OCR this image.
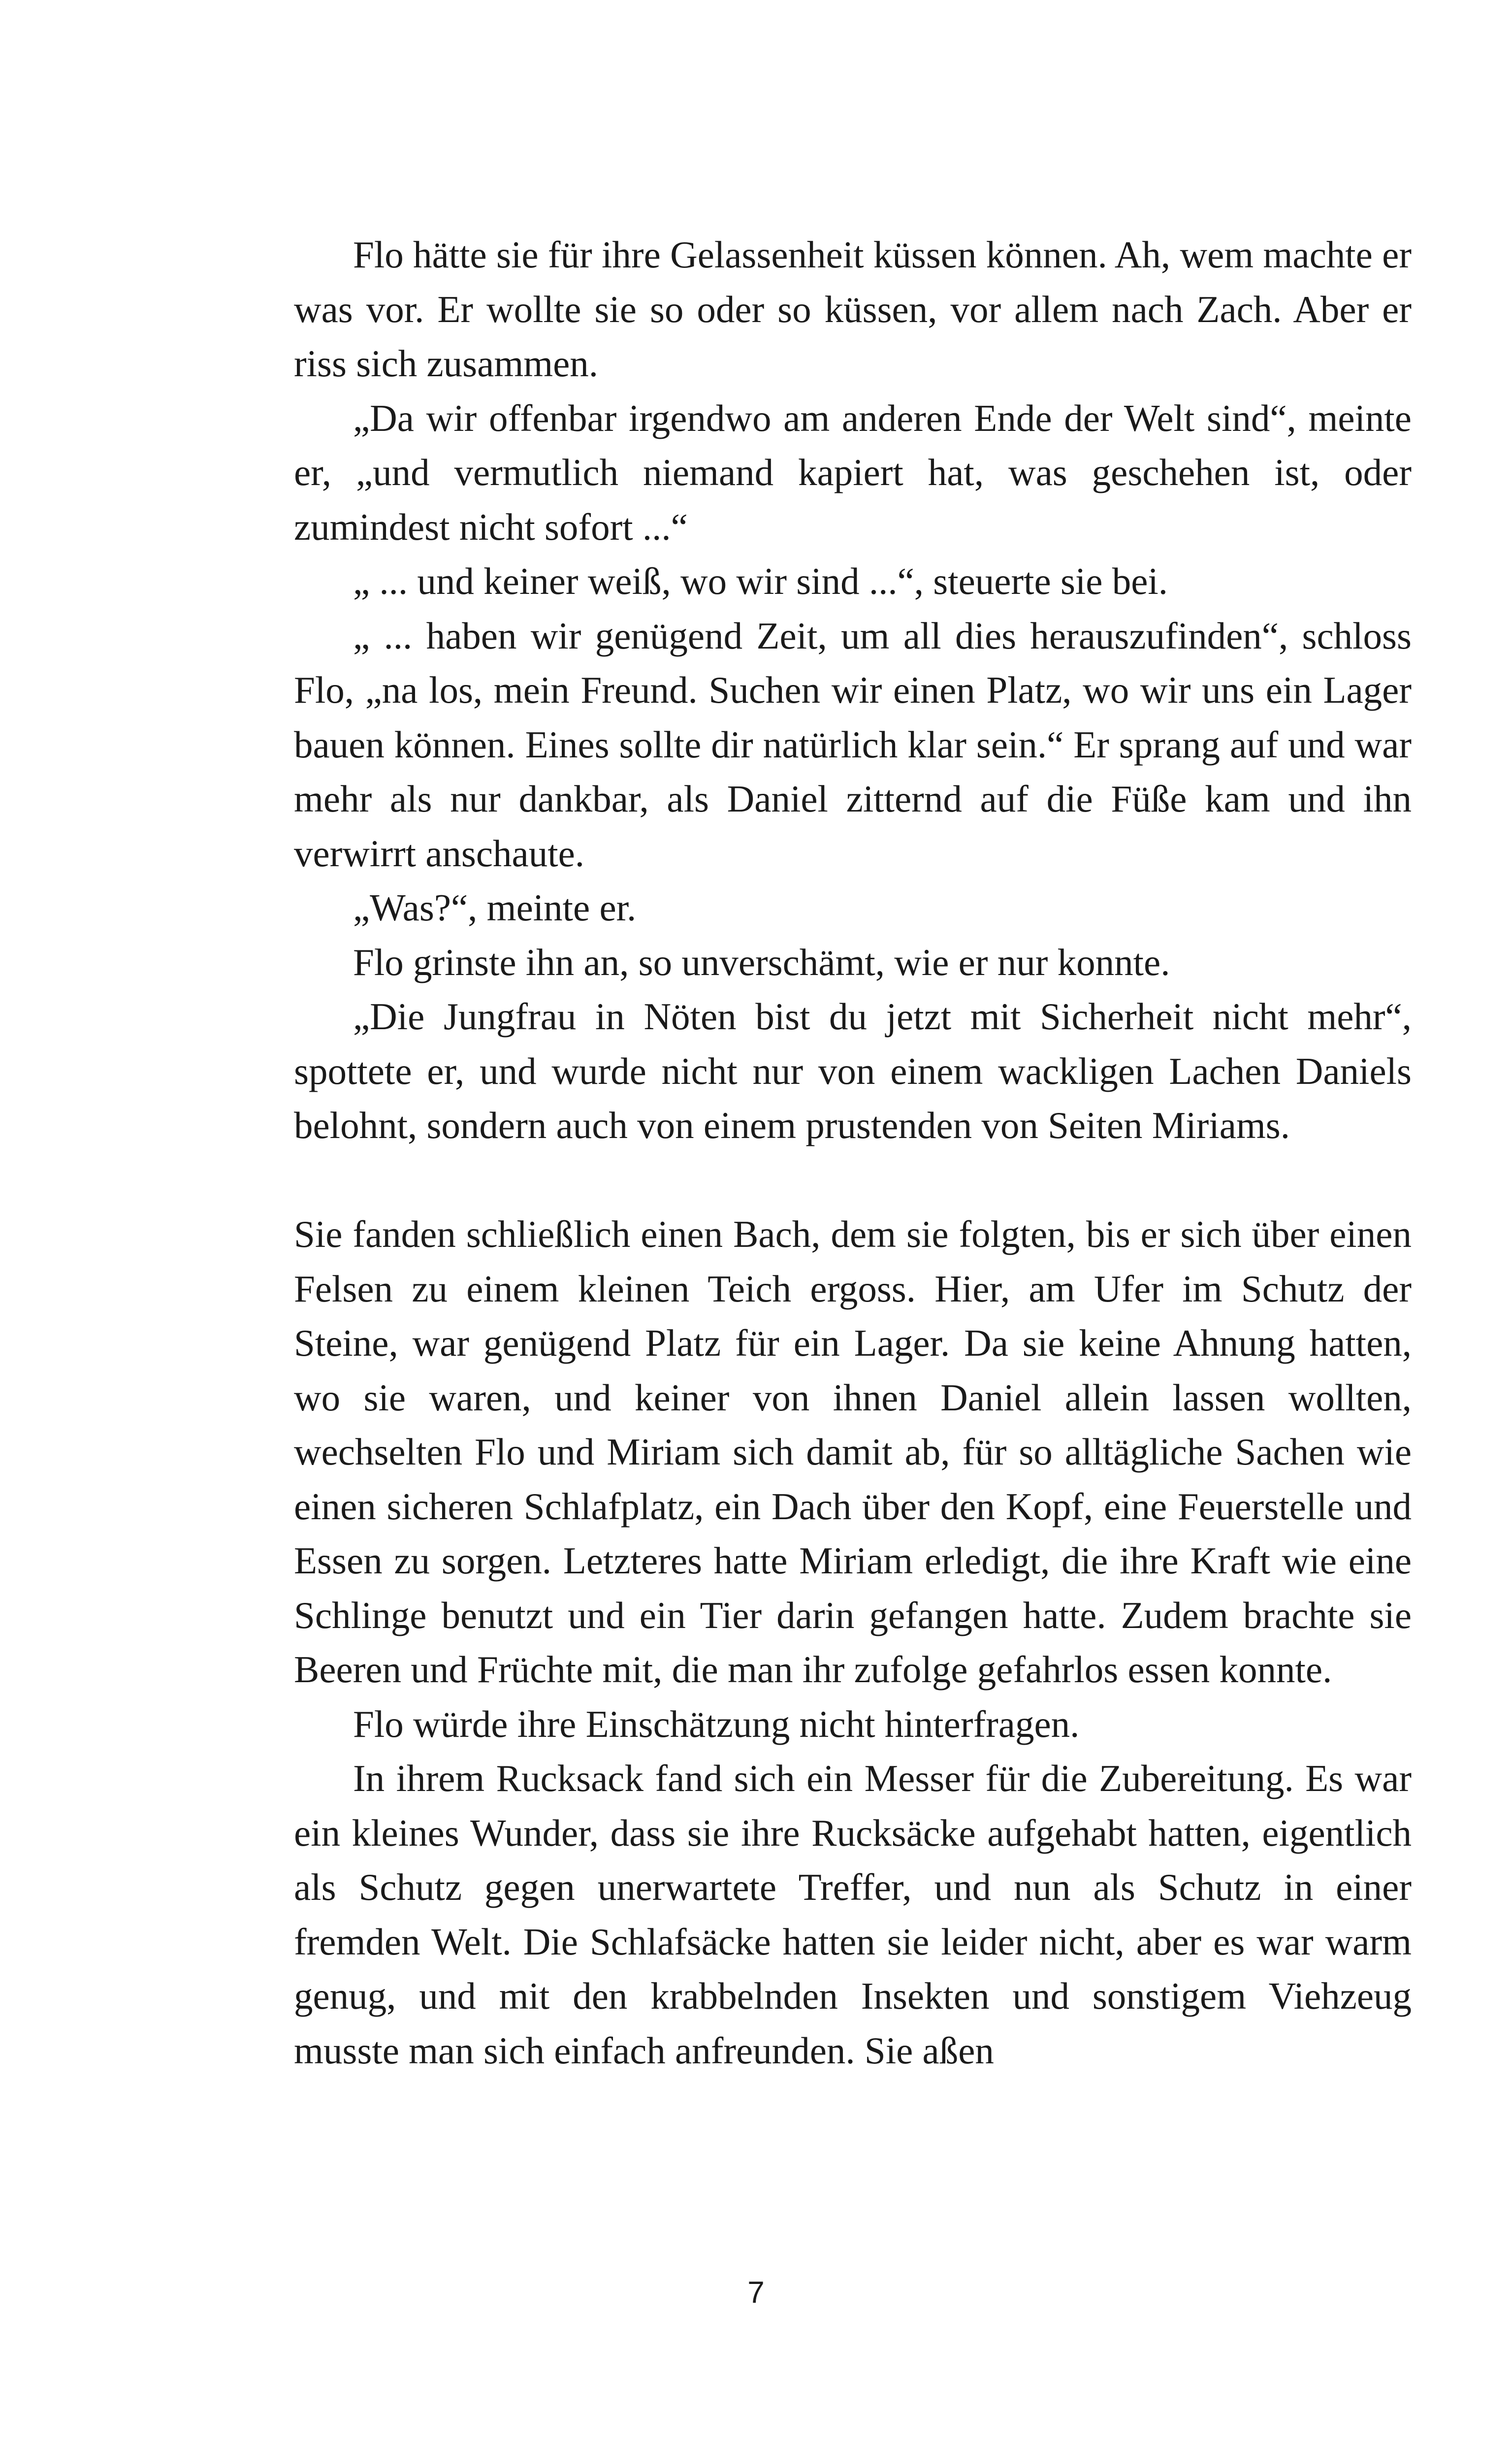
Flo hätte sie für ihre Gelassenheit küssen können. Ah, wem machte er was vor. Er wollte sie so oder so küssen, vor allem nach Zach. Aber er riss sich zusammen.

„Da wir offenbar irgendwo am anderen Ende der Welt sind“, meinte er, „und vermutlich niemand kapiert hat, was geschehen ist, oder zumindest nicht sofort ...“

„ ... und keiner weiß, wo wir sind ...“, steuerte sie bei.

„ ... haben wir genügend Zeit, um all dies herauszufinden“, schloss Flo, „na los, mein Freund. Suchen wir einen Platz, wo wir uns ein Lager bauen können. Eines sollte dir natürlich klar sein.“ Er sprang auf und war mehr als nur dankbar, als Daniel zitternd auf die Füße kam und ihn verwirrt anschaute.

„Was?“, meinte er.

Flo grinste ihn an, so unverschämt, wie er nur konnte.

„Die Jungfrau in Nöten bist du jetzt mit Sicherheit nicht mehr“, spottete er, und wurde nicht nur von einem wackligen Lachen Daniels belohnt, sondern auch von einem prustenden von Seiten Miriams.

Sie fanden schließlich einen Bach, dem sie folgten, bis er sich über einen Felsen zu einem kleinen Teich ergoss. Hier, am Ufer im Schutz der Steine, war genügend Platz für ein Lager. Da sie keine Ahnung hatten, wo sie waren, und keiner von ihnen Daniel allein lassen wollten, wechselten Flo und Miriam sich damit ab, für so alltägliche Sachen wie einen sicheren Schlafplatz, ein Dach über den Kopf, eine Feuerstelle und Essen zu sorgen. Letzteres hatte Miriam erledigt, die ihre Kraft wie eine Schlinge benutzt und ein Tier darin gefangen hatte. Zudem brachte sie Beeren und Früchte mit, die man ihr zufolge gefahrlos essen konnte.

Flo würde ihre Einschätzung nicht hinterfragen.

In ihrem Rucksack fand sich ein Messer für die Zubereitung. Es war ein kleines Wunder, dass sie ihre Rucksäcke aufgehabt hatten, eigentlich als Schutz gegen unerwartete Treffer, und nun als Schutz in einer fremden Welt. Die Schlafsäcke hatten sie leider nicht, aber es war warm genug, und mit den krabbelnden Insekten und sonstigem Viehzeug musste man sich einfach anfreunden. Sie aßen

7
